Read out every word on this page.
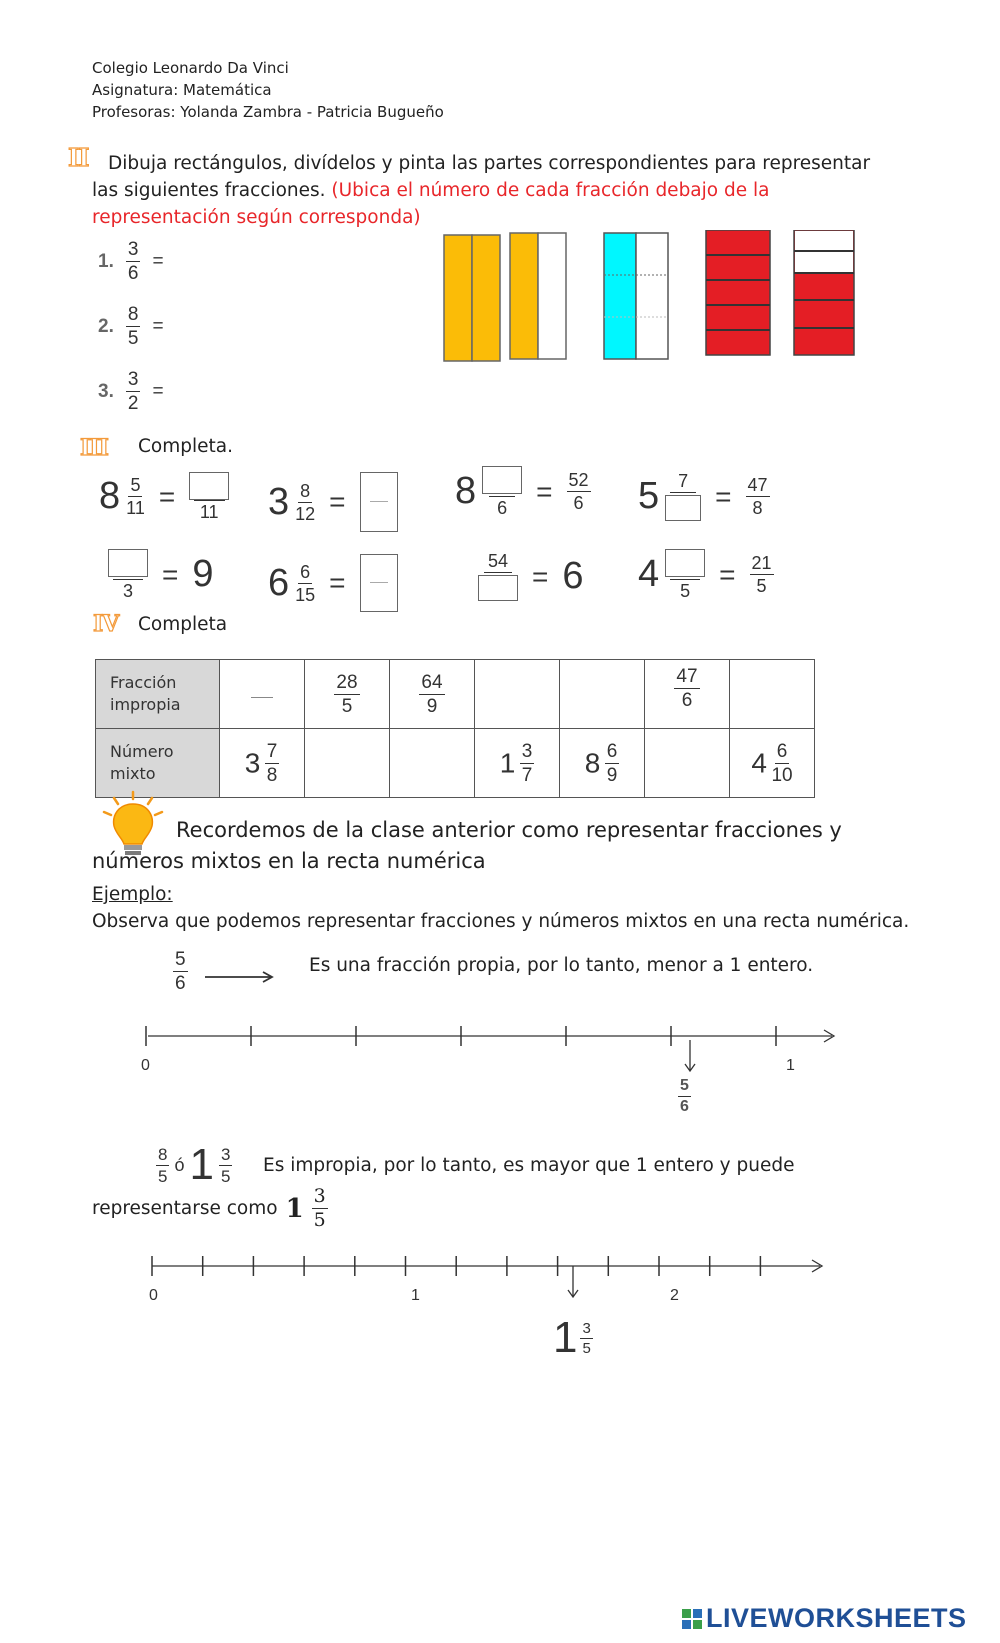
Colegio Leonardo Da Vinci
Asignatura: Matemática
Profesoras: Yolanda Zambra - Patricia Bugueño
II	Dibuja rectángulos, divídelos y pinta las partes correspondientes para representar las siguientes fracciones. (Ubica el número de cada fracción debajo de la representación según corresponda)
1. $\frac{3}{6}$ =
2. $\frac{8}{5}$ =
3. $\frac{3}{2}$ =
III Completa.
$8 \frac{5}{11}$ =
11 $3 \frac{8}{12}$ =	8	6
= $\frac{52}{6} 5$	$7 = \frac{47}{8}$
3
= 9 $6 \frac{6}{15}$ =
54 = 6 4	5
= $\frac{21}{5}$
IV Completa
Fracción impropia		$\frac{28}{5}$	$\frac{64}{9}$			$\frac{47}{6}$

Número mixto	$3 \frac{7}{8}$			$1 \frac{3}{7}$	$8 \frac{6}{9}$		$4 \frac{6}{10}$
Recordemos de la clase anterior como representar fracciones y
números mixtos en la recta numérica
Ejemplo:
Observa que podemos representar fracciones y números mixtos en una recta numérica.
$\frac{5}{6}$	Es una fracción propia, por lo tanto, menor a 1 entero.
0	1
$\frac{5}{6}$
$\frac{8}{5}$ ó $1 \frac{3}{5}$ Es impropia, por lo tanto, es mayor que 1 entero y puede
representarse como $1 \frac{3}{5}$
0	1	2
$1 \frac{3}{5}$
LIVEWORKSHEETS
